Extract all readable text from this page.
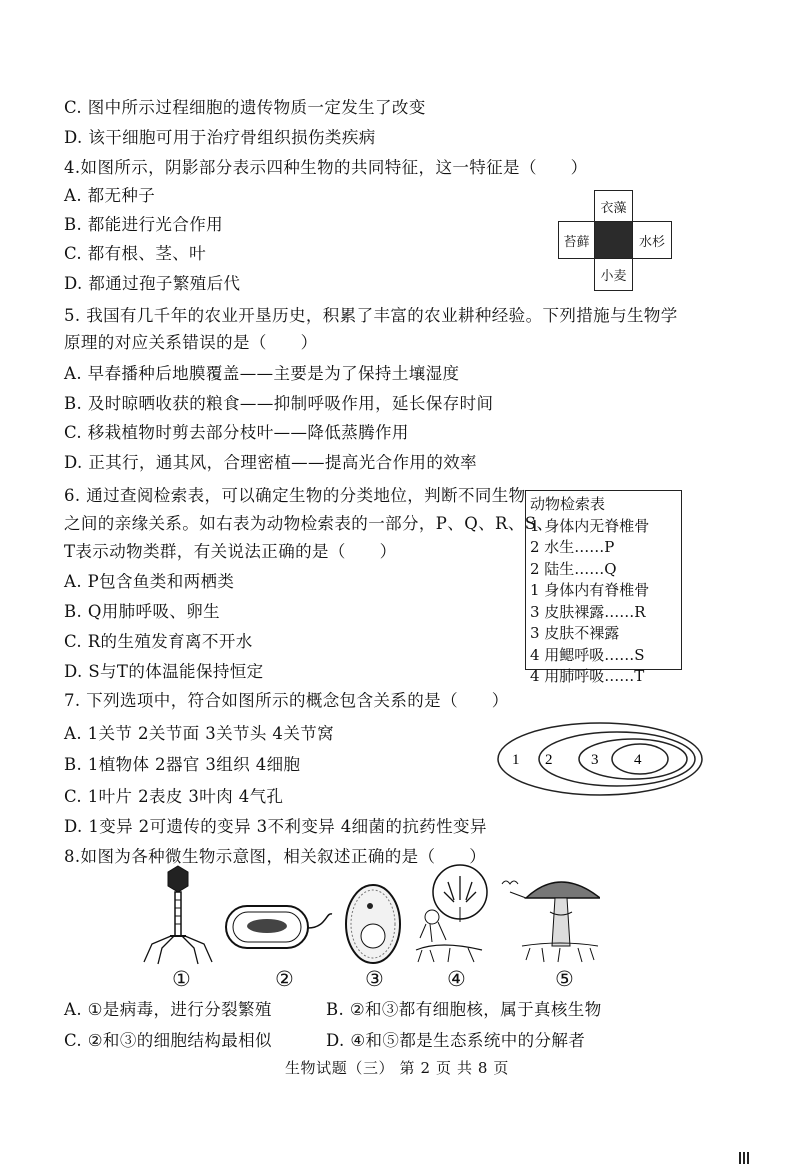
C. 图中所示过程细胞的遗传物质一定发生了改变
D. 该干细胞可用于治疗骨组织损伤类疾病
4.如图所示，阴影部分表示四种生物的共同特征，这一特征是（　　）
A. 都无种子
B. 都能进行光合作用
C. 都有根、茎、叶
D. 都通过孢子繁殖后代
衣藻
苔藓	水杉
小麦
5. 我国有几千年的农业开垦历史，积累了丰富的农业耕种经验。下列措施与生物学
原理的对应关系错误的是（　　）
A. 早春播种后地膜覆盖——主要是为了保持土壤湿度
B. 及时晾晒收获的粮食——抑制呼吸作用，延长保存时间
C. 移栽植物时剪去部分枝叶——降低蒸腾作用
D. 正其行，通其风，合理密植——提高光合作用的效率
6. 通过查阅检索表，可以确定生物的分类地位，判断不同生物
之间的亲缘关系。如右表为动物检索表的一部分，P、Q、R、S、
T表示动物类群，有关说法正确的是（　　）
A. P包含鱼类和两栖类
B. Q用肺呼吸、卵生
C. R的生殖发育离不开水
D. S与T的体温能保持恒定
动物检索表
1 身体内无脊椎骨
2 水生……P
2 陆生……Q
1 身体内有脊椎骨
3 皮肤裸露……R
3 皮肤不裸露
4 用鳃呼吸……S
4 用肺呼吸……T
7. 下列选项中，符合如图所示的概念包含关系的是（　　）
A. 1关节 2关节面 3关节头 4关节窝
B. 1植物体 2器官 3组织 4细胞
C. 1叶片 2表皮 3叶肉 4气孔
D. 1变异 2可遗传的变异 3不利变异 4细菌的抗药性变异
1 2	3 4
8.如图为各种微生物示意图，相关叙述正确的是（　　）
①	②	③	④	⑤
A. ①是病毒，进行分裂繁殖	B. ②和③都有细胞核，属于真核生物
C. ②和③的细胞结构最相似	D. ④和⑤都是生态系统中的分解者
生物试题（三） 第 2 页 共 8 页
